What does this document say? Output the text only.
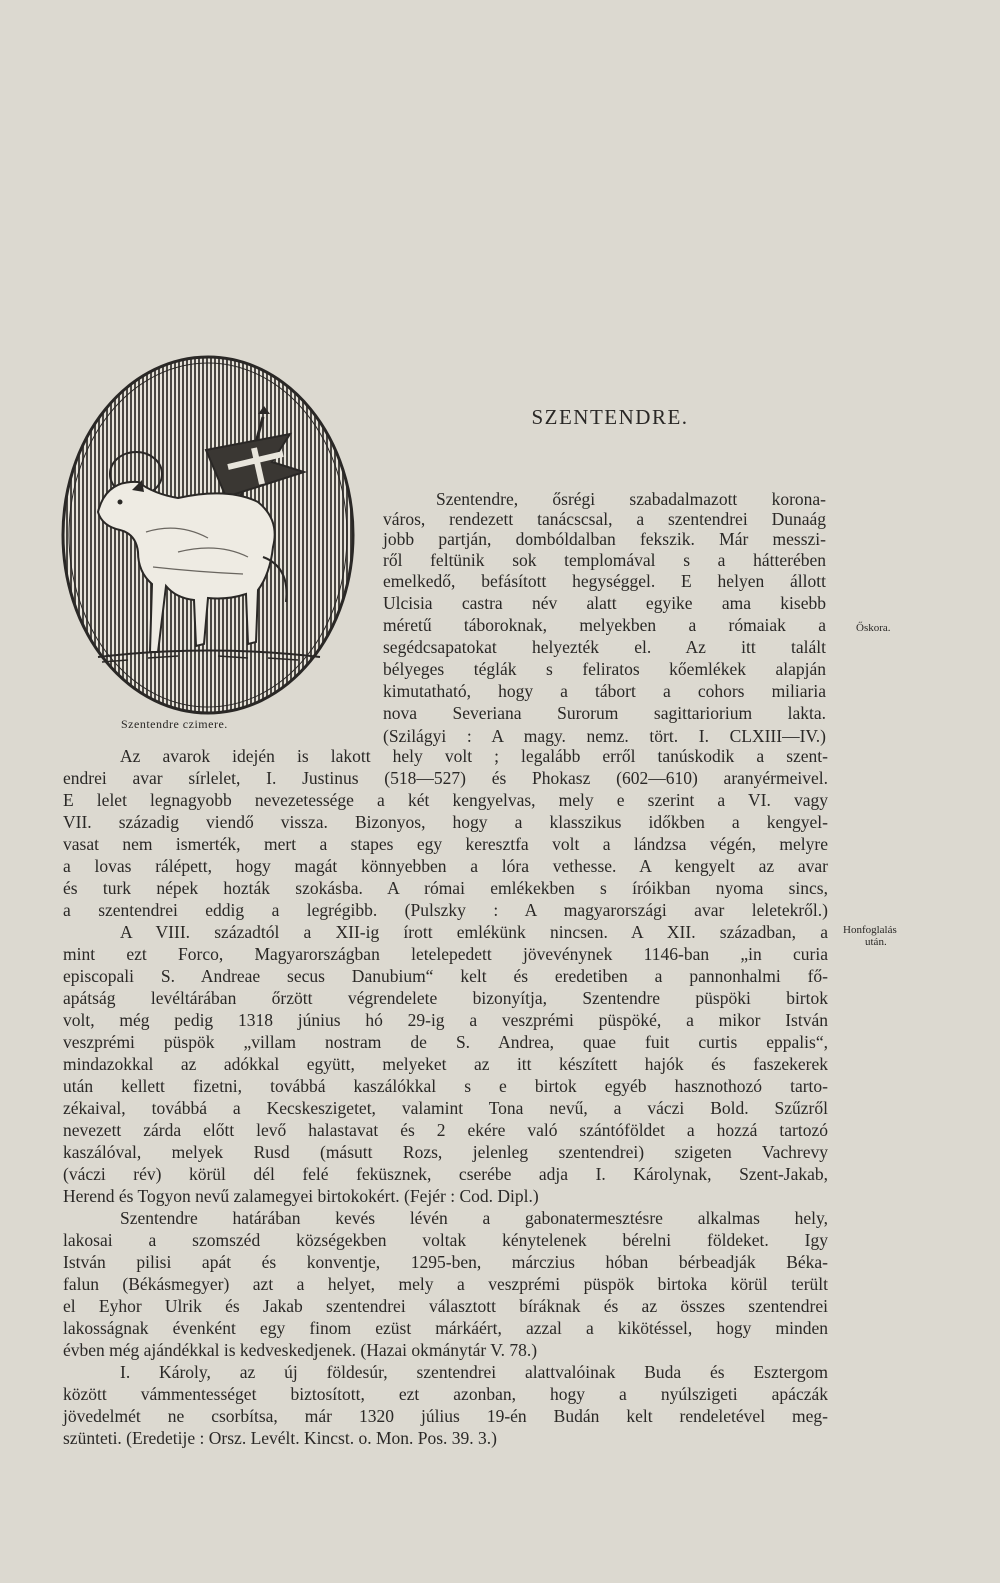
Szentendre czimere.
SZENTENDRE.
Őskora.
Honfoglalás
után.
Szentendre, ősrégi szabadalmazott korona-
város, rendezett tanácscsal, a szentendrei Dunaág
jobb partján, dombóldalban fekszik. Már messzi-
ről feltünik sok templomával s a hátterében
emelkedő, befásított hegységgel. E helyen állott
Ulcisia castra név alatt egyike ama kisebb
méretű táboroknak, melyekben a rómaiak a
segédcsapatokat helyezték el. Az itt talált
bélyeges téglák s feliratos kőemlékek alapján
kimutatható, hogy a tábort a cohors miliaria
nova Severiana Surorum sagittariorium lakta.
(Szilágyi : A magy. nemz. tört. I. CLXIII—IV.)
Az avarok idején is lakott hely volt ; legalább erről tanúskodik a szent-
endrei avar sírlelet, I. Justinus (518—527) és Phokasz (602—610) aranyérmeivel.
E lelet legnagyobb nevezetessége a két kengyelvas, mely e szerint a VI. vagy
VII. századig viendő vissza. Bizonyos, hogy a klasszikus időkben a kengyel-
vasat nem ismerték, mert a stapes egy keresztfa volt a lándzsa végén, melyre
a lovas rálépett, hogy magát könnyebben a lóra vethesse. A kengyelt az avar
és turk népek hozták szokásba. A római emlékekben s íróikban nyoma sincs,
a szentendrei eddig a legrégibb. (Pulszky : A magyarországi avar leletekről.)
A VIII. századtól a XII-ig írott emlékünk nincsen. A XII. században, a
mint ezt Forco, Magyarországban letelepedett jövevénynek 1146-ban „in curia
episcopali S. Andreae secus Danubium“ kelt és eredetiben a pannonhalmi fő-
apátság levéltárában őrzött végrendelete bizonyítja, Szentendre püspöki birtok
volt, még pedig 1318 június hó 29-ig a veszprémi püspöké, a mikor István
veszprémi püspök „villam nostram de S. Andrea, quae fuit curtis eppalis“,
mindazokkal az adókkal együtt, melyeket az itt készített hajók és faszekerek
után kellett fizetni, továbbá kaszálókkal s e birtok egyéb hasznothozó tarto-
zékaival, továbbá a Kecskeszigetet, valamint Tona nevű, a váczi Bold. Szűzről
nevezett zárda előtt levő halastavat és 2 ekére való szántóföldet a hozzá tartozó
kaszálóval, melyek Rusd (másutt Rozs, jelenleg szentendrei) szigeten Vachrevy
(váczi rév) körül dél felé feküsznek, cserébe adja I. Károlynak, Szent-Jakab,
Herend és Togyon nevű zalamegyei birtokokért. (Fejér : Cod. Dipl.)
Szentendre határában kevés lévén a gabonatermesztésre alkalmas hely,
lakosai a szomszéd községekben voltak kénytelenek bérelni földeket. Igy
István pilisi apát és konventje, 1295-ben, márczius hóban bérbeadják Béka-
falun (Békásmegyer) azt a helyet, mely a veszprémi püspök birtoka körül terült
el Eyhor Ulrik és Jakab szentendrei választott bíráknak és az összes szentendrei
lakosságnak évenként egy finom ezüst márkáért, azzal a kikötéssel, hogy minden
évben még ajándékkal is kedveskedjenek. (Hazai okmánytár V. 78.)
I. Károly, az új földesúr, szentendrei alattvalóinak Buda és Esztergom
között vámmentességet biztosított, ezt azonban, hogy a nyúlszigeti apáczák
jövedelmét ne csorbítsa, már 1320 július 19-én Budán kelt rendeletével meg-
szünteti. (Eredetije : Orsz. Levélt. Kincst. o. Mon. Pos. 39. 3.)
